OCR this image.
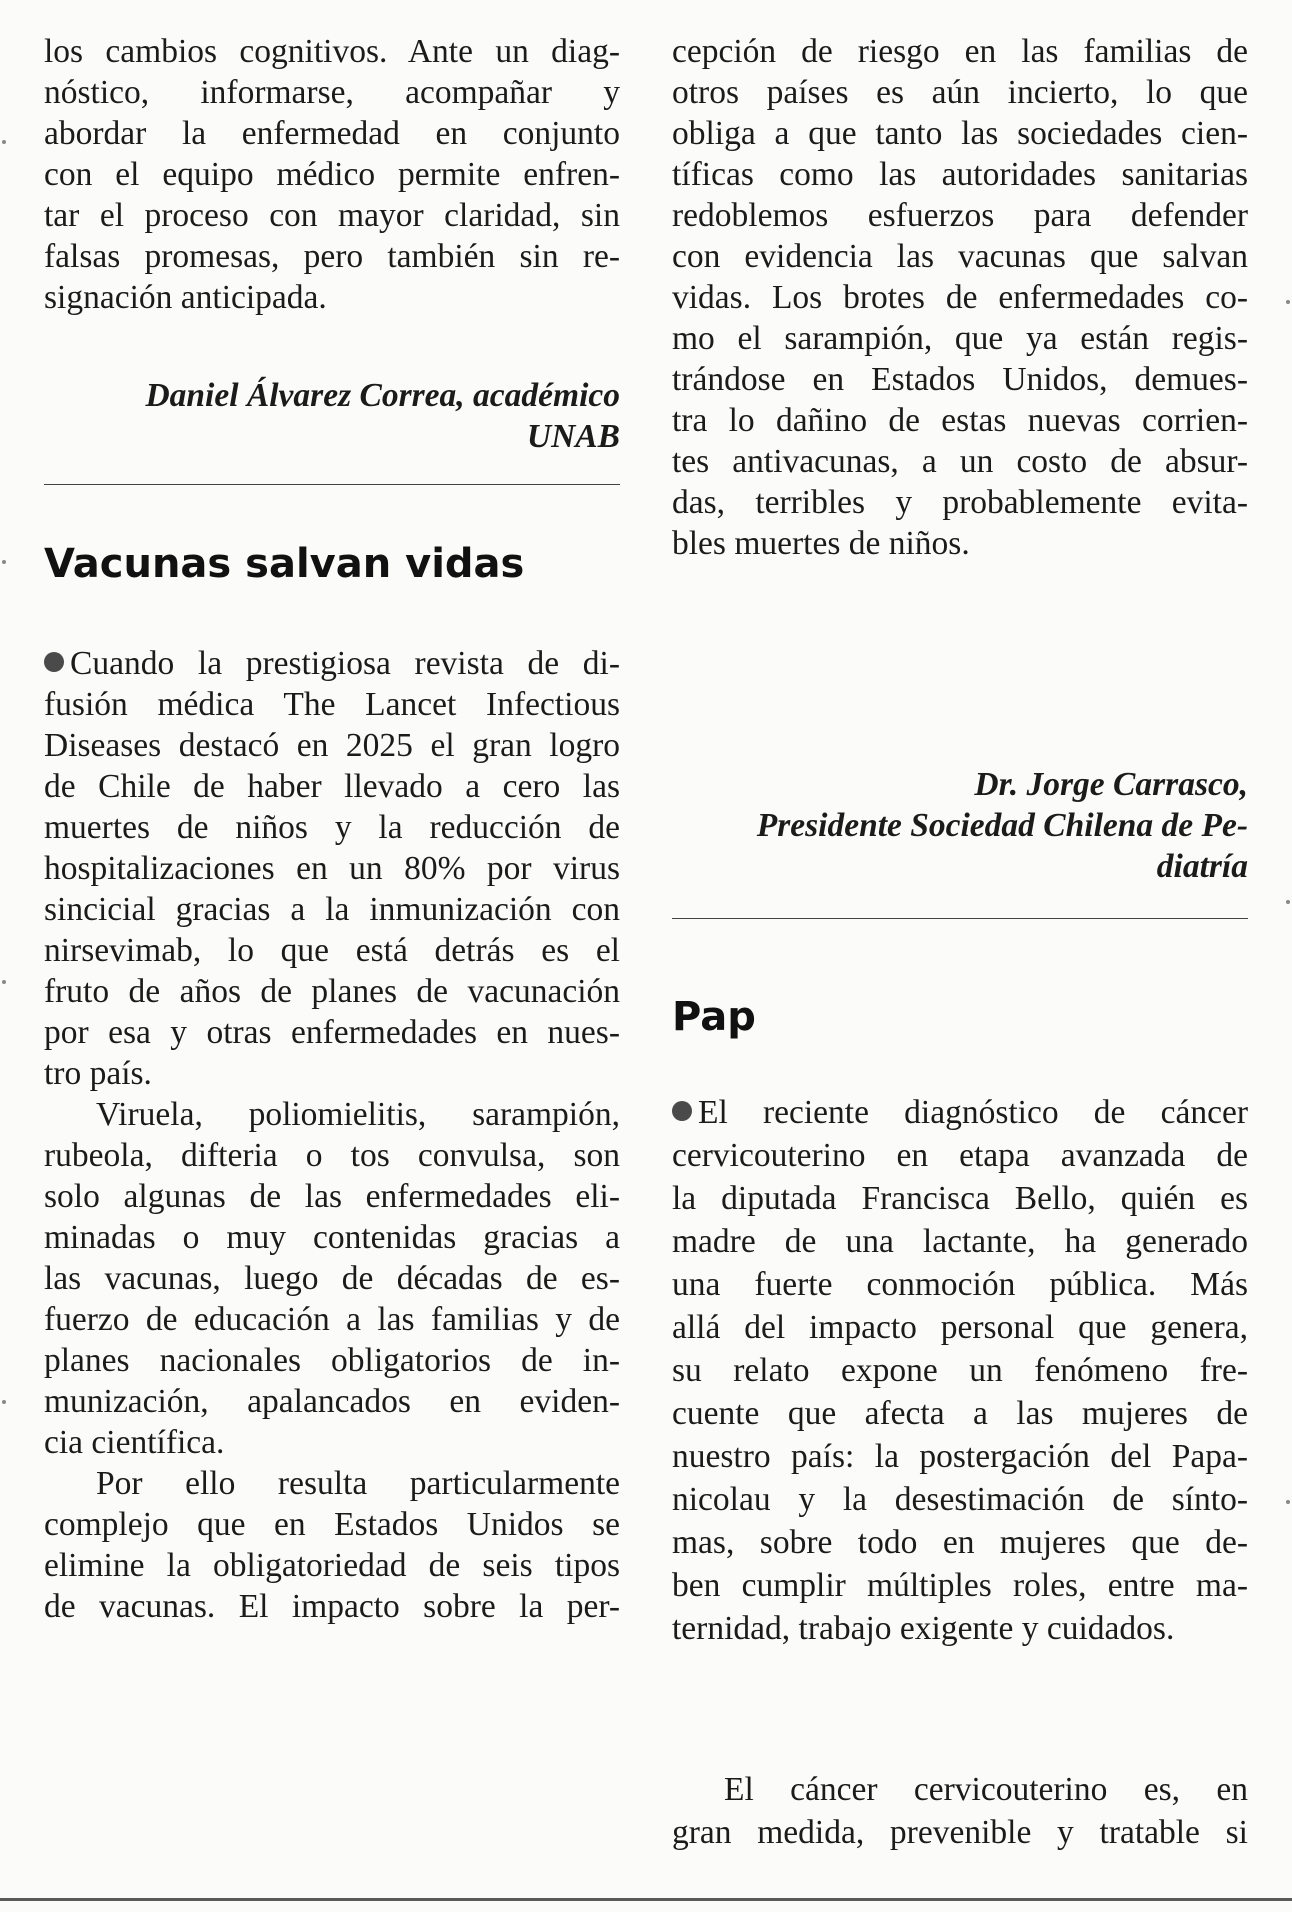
los cambios cognitivos. Ante un diag-
nóstico, informarse, acompañar y
abordar la enfermedad en conjunto
con el equipo médico permite enfren-
tar el proceso con mayor claridad, sin
falsas promesas, pero también sin re-
signación anticipada.
Daniel Álvarez Correa, académico
UNAB
Vacunas salvan vidas
Cuando la prestigiosa revista de di-
fusión médica The Lancet Infectious
Diseases destacó en 2025 el gran logro
de Chile de haber llevado a cero las
muertes de niños y la reducción de
hospitalizaciones en un 80% por virus
sincicial gracias a la inmunización con
nirsevimab, lo que está detrás es el
fruto de años de planes de vacunación
por esa y otras enfermedades en nues-
tro país.
Viruela, poliomielitis, sarampión,
rubeola, difteria o tos convulsa, son
solo algunas de las enfermedades eli-
minadas o muy contenidas gracias a
las vacunas, luego de décadas de es-
fuerzo de educación a las familias y de
planes nacionales obligatorios de in-
munización, apalancados en eviden-
cia científica.
Por ello resulta particularmente
complejo que en Estados Unidos se
elimine la obligatoriedad de seis tipos
de vacunas. El impacto sobre la per-
cepción de riesgo en las familias de
otros países es aún incierto, lo que
obliga a que tanto las sociedades cien-
tíficas como las autoridades sanitarias
redoblemos esfuerzos para defender
con evidencia las vacunas que salvan
vidas. Los brotes de enfermedades co-
mo el sarampión, que ya están regis-
trándose en Estados Unidos, demues-
tra lo dañino de estas nuevas corrien-
tes antivacunas, a un costo de absur-
das, terribles y probablemente evita-
bles muertes de niños.
Dr. Jorge Carrasco,
Presidente Sociedad Chilena de Pe-
diatría
Pap
El reciente diagnóstico de cáncer
cervicouterino en etapa avanzada de
la diputada Francisca Bello, quién es
madre de una lactante, ha generado
una fuerte conmoción pública. Más
allá del impacto personal que genera,
su relato expone un fenómeno fre-
cuente que afecta a las mujeres de
nuestro país: la postergación del Papa-
nicolau y la desestimación de sínto-
mas, sobre todo en mujeres que de-
ben cumplir múltiples roles, entre ma-
ternidad, trabajo exigente y cuidados.
El cáncer cervicouterino es, en
gran medida, prevenible y tratable si
